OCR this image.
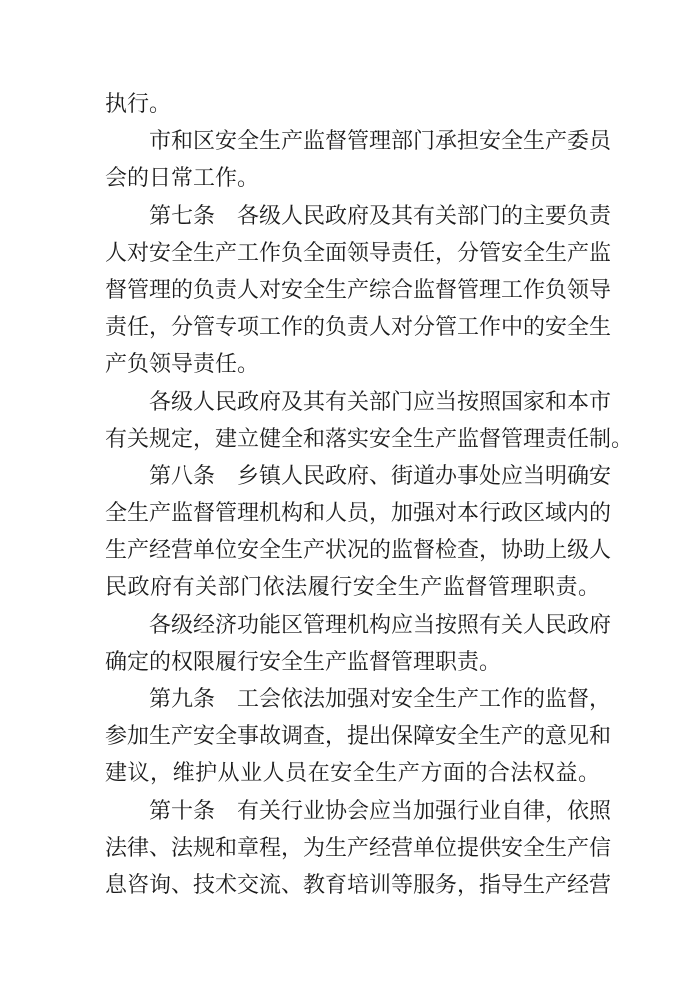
执行。
市和区安全生产监督管理部门承担安全生产委员
会的日常工作。
第七条　各级人民政府及其有关部门的主要负责
人对安全生产工作负全面领导责任，分管安全生产监
督管理的负责人对安全生产综合监督管理工作负领导
责任，分管专项工作的负责人对分管工作中的安全生
产负领导责任。
各级人民政府及其有关部门应当按照国家和本市
有关规定，建立健全和落实安全生产监督管理责任制。
第八条　乡镇人民政府、街道办事处应当明确安
全生产监督管理机构和人员，加强对本行政区域内的
生产经营单位安全生产状况的监督检查，协助上级人
民政府有关部门依法履行安全生产监督管理职责。
各级经济功能区管理机构应当按照有关人民政府
确定的权限履行安全生产监督管理职责。
第九条　工会依法加强对安全生产工作的监督，
参加生产安全事故调查，提出保障安全生产的意见和
建议，维护从业人员在安全生产方面的合法权益。
第十条　有关行业协会应当加强行业自律，依照
法律、法规和章程，为生产经营单位提供安全生产信
息咨询、技术交流、教育培训等服务，指导生产经营
